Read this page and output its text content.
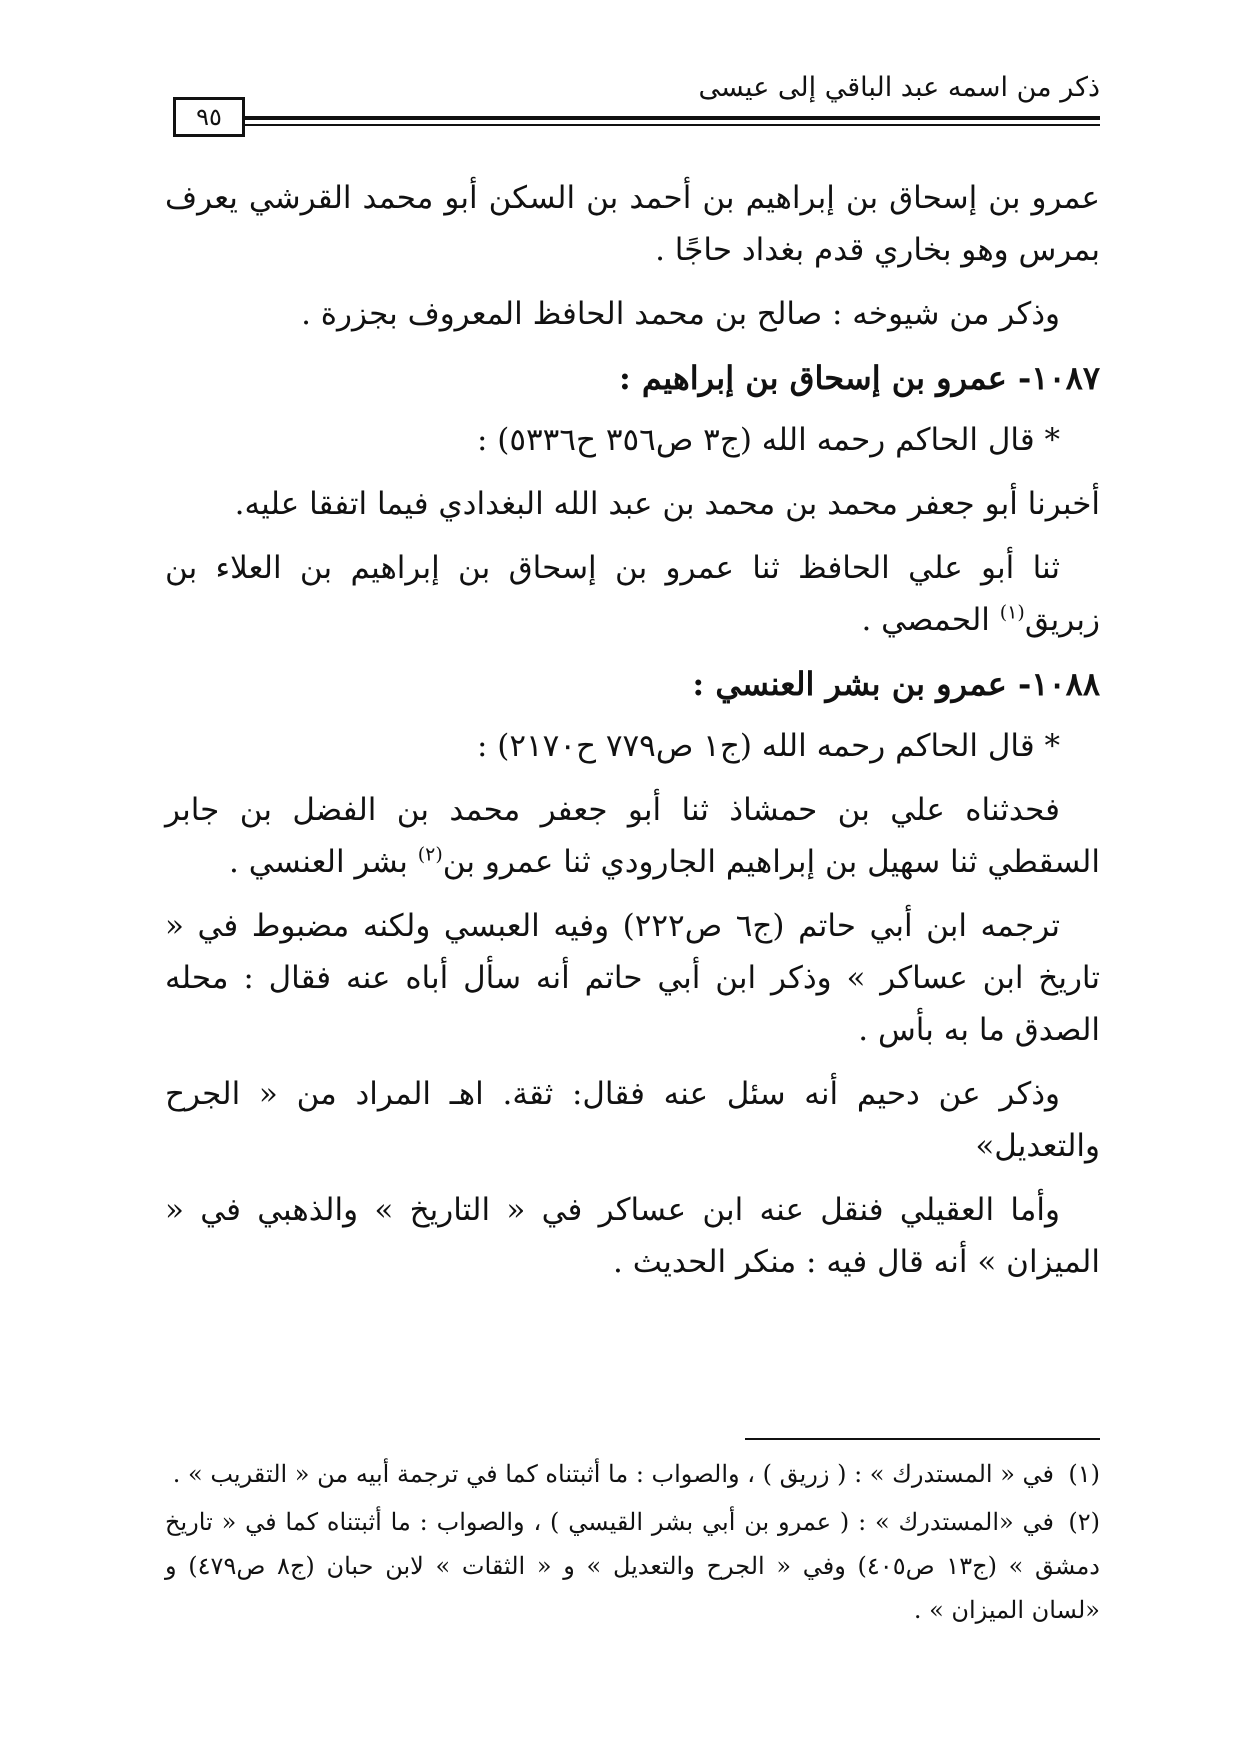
ذكر من اسمه عبد الباقي إلى عيسى
٩٥

عمرو بن إسحاق بن إبراهيم بن أحمد بن السكن أبو محمد القرشي يعرف بمرس وهو بخاري قدم بغداد حاجًا .

وذكر من شيوخه : صالح بن محمد الحافظ المعروف بجزرة .

١٠٨٧- عمرو بن إسحاق بن إبراهيم :

* قال الحاكم رحمه الله (ج٣ ص٣٥٦ ح٥٣٣٦) :

أخبرنا أبو جعفر محمد بن محمد بن عبد الله البغدادي فيما اتفقا عليه.

ثنا أبو علي الحافظ ثنا عمرو بن إسحاق بن إبراهيم بن العلاء بن زبريق$^{(١)}$ الحمصي .

١٠٨٨- عمرو بن بشر العنسي :

* قال الحاكم رحمه الله (ج١ ص٧٧٩ ح٢١٧٠) :

فحدثناه علي بن حمشاذ ثنا أبو جعفر محمد بن الفضل بن جابر السقطي ثنا سهيل بن إبراهيم الجارودي ثنا عمرو بن$^{(٢)}$ بشر العنسي .

ترجمه ابن أبي حاتم (ج٦ ص٢٢٢) وفيه العبسي ولكنه مضبوط في « تاريخ ابن عساكر » وذكر ابن أبي حاتم أنه سأل أباه عنه فقال : محله الصدق ما به بأس .

وذكر عن دحيم أنه سئل عنه فقال: ثقة. اهـ المراد من « الجرح والتعديل»

وأما العقيلي فنقل عنه ابن عساكر في « التاريخ » والذهبي في « الميزان » أنه قال فيه : منكر الحديث .

(١)في « المستدرك » : ( زريق ) ، والصواب : ما أثبتناه كما في ترجمة أبيه من « التقريب » .

(٢)في «المستدرك » : ( عمرو بن أبي بشر القيسي ) ، والصواب : ما أثبتناه كما في « تاريخ دمشق » (ج١٣ ص٤٠٥) وفي « الجرح والتعديل » و « الثقات » لابن حبان (ج٨ ص٤٧٩) و «لسان الميزان » .
